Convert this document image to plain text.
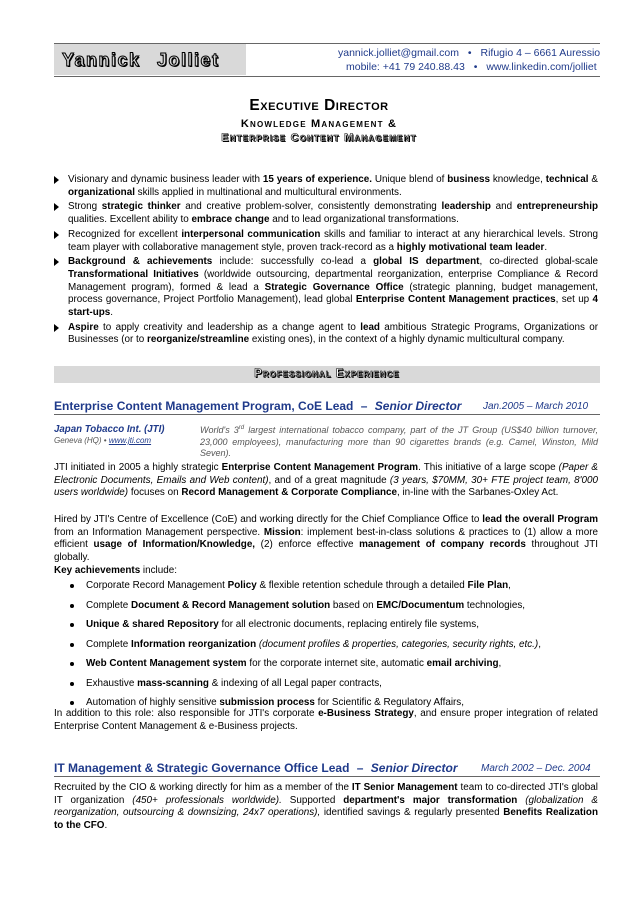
Yannick Jolliet	yannick.jolliet@gmail.com • Rifugio 4 – 6661 Auressio
mobile: +41 79 240.88.43 • www.linkedin.com/jolliet
Executive Director
Knowledge Management &
Enterprise Content Management
Visionary and dynamic business leader with 15 years of experience. Unique blend of business knowledge, technical & organizational skills applied in multinational and multicultural environments.
Strong strategic thinker and creative problem-solver, consistently demonstrating leadership and entrepreneurship qualities. Excellent ability to embrace change and to lead organizational transformations.
Recognized for excellent interpersonal communication skills and familiar to interact at any hierarchical levels. Strong team player with collaborative management style, proven track-record as a highly motivational team leader.
Background & achievements include: successfully co-lead a global IS department, co-directed global-scale Transformational Initiatives (worldwide outsourcing, departmental reorganization, enterprise Compliance & Record Management program), formed & lead a Strategic Governance Office (strategic planning, budget management, process governance, Project Portfolio Management), lead global Enterprise Content Management practices, set up 4 start-ups.
Aspire to apply creativity and leadership as a change agent to lead ambitious Strategic Programs, Organizations or Businesses (or to reorganize/streamline existing ones), in the context of a highly dynamic multicultural company.
Professional Experience
Enterprise Content Management Program, CoE Lead – Senior Director Jan.2005 – March 2010
Japan Tobacco Int. (JTI)
Geneva (HQ) • www.jti.com
World's 3rd largest international tobacco company, part of the JT Group (US$40 billion turnover, 23,000 employees), manufacturing more than 90 cigarettes brands (e.g. Camel, Winston, Mild Seven).
JTI initiated in 2005 a highly strategic Enterprise Content Management Program. This initiative of a large scope (Paper & Electronic Documents, Emails and Web content), and of a great magnitude (3 years, $70MM, 30+ FTE project team, 8'000 users worldwide) focuses on Record Management & Corporate Compliance, in-line with the Sarbanes-Oxley Act.
Hired by JTI's Centre of Excellence (CoE) and working directly for the Chief Compliance Office to lead the overall Program from an Information Management perspective. Mission: implement best-in-class solutions & practices to (1) allow a more efficient usage of Information/Knowledge, (2) enforce effective management of company records throughout JTI globally.
Key achievements include:
Corporate Record Management Policy & flexible retention schedule through a detailed File Plan,
Complete Document & Record Management solution based on EMC/Documentum technologies,
Unique & shared Repository for all electronic documents, replacing entirely file systems,
Complete Information reorganization (document profiles & properties, categories, security rights, etc.),
Web Content Management system for the corporate internet site, automatic email archiving,
Exhaustive mass-scanning & indexing of all Legal paper contracts,
Automation of highly sensitive submission process for Scientific & Regulatory Affairs,
In addition to this role: also responsible for JTI's corporate e-Business Strategy, and ensure proper integration of related Enterprise Content Management & e-Business projects.
IT Management & Strategic Governance Office Lead – Senior Director March 2002 – Dec. 2004
Recruited by the CIO & working directly for him as a member of the IT Senior Management team to co-directed JTI's global IT organization (450+ professionals worldwide). Supported department's major transformation (globalization & reorganization, outsourcing & downsizing, 24x7 operations), identified savings & regularly presented Benefits Realization to the CFO.
